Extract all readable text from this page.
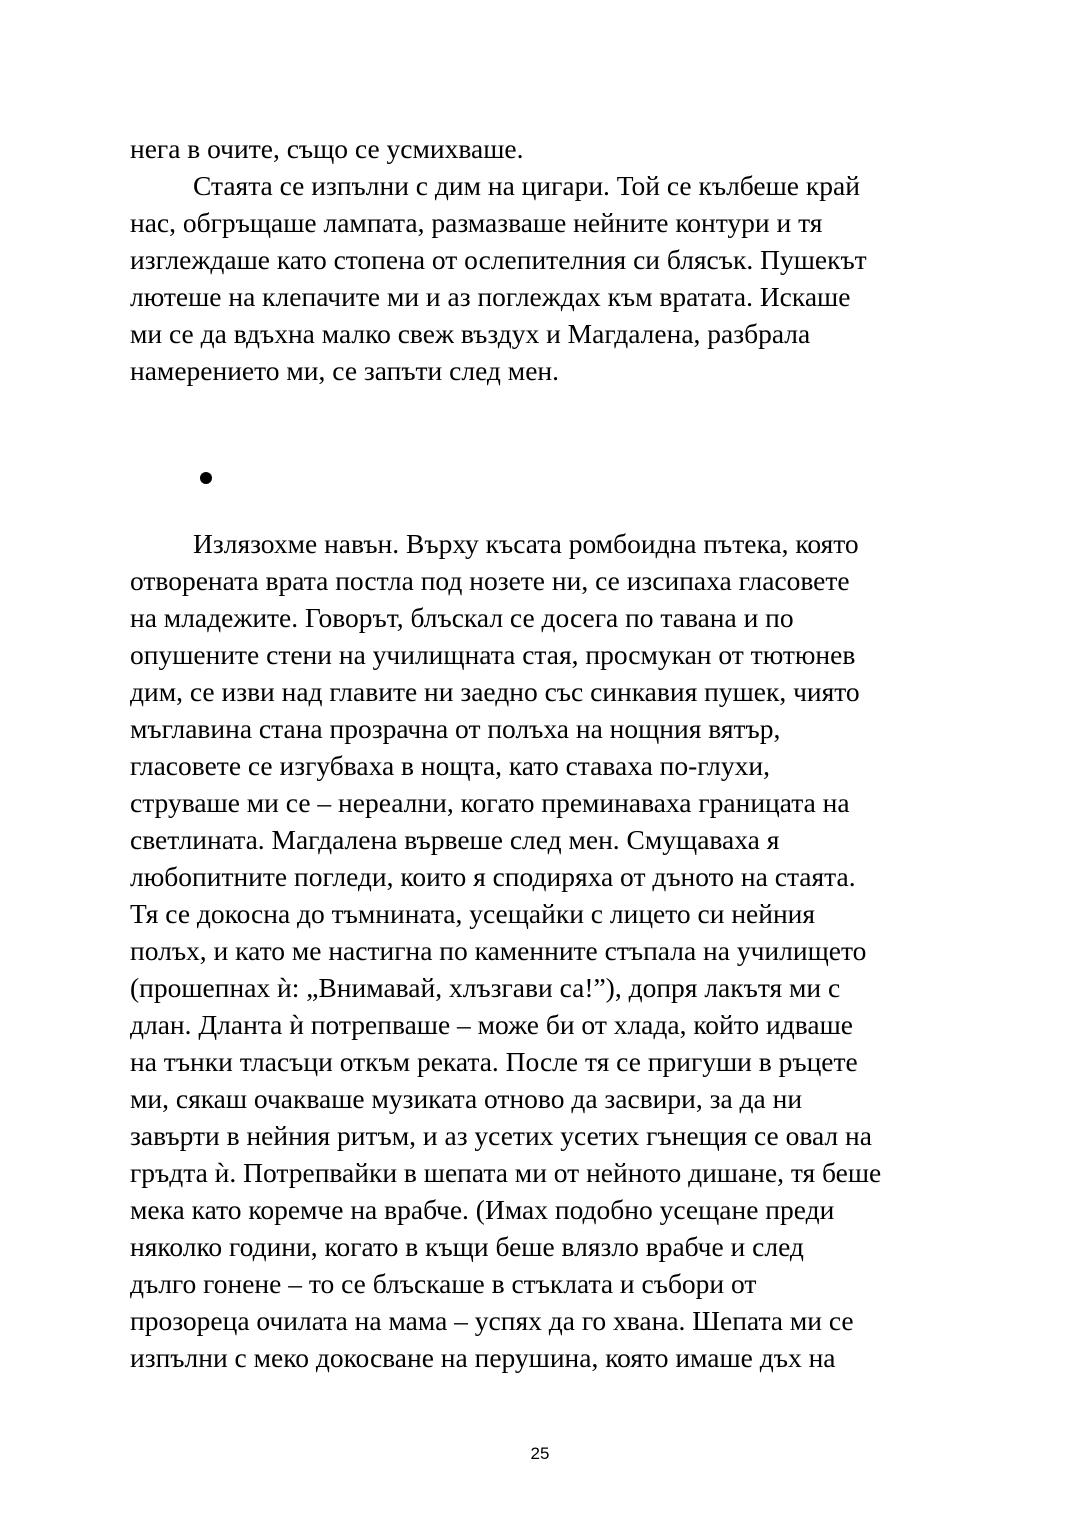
нега в очите, също се усмихваше.
Стаята се изпълни с дим на цигари. Той се кълбеше край
нас, обгръщаше лампата, размазваше нейните контури и тя
изглеждаше като стопена от ослепителния си блясък. Пушекът
лютеше на клепачите ми и аз поглеждах към вратата. Искаше
ми се да вдъхна малко свеж въздух и Магдалена, разбрала
намерението ми, се запъти след мен.
Излязохме навън. Върху късата ромбоидна пътека, която
отворената врата постла под нозете ни, се изсипаха гласовете
на младежите. Говорът, блъскал се досега по тавана и по
опушените стени на училищната стая, просмукан от тютюнев
дим, се изви над главите ни заедно със синкавия пушек, чиято
мъглавина стана прозрачна от полъха на нощния вятър,
гласовете се изгубваха в нощта, като ставаха по-глухи,
струваше ми се – нереални, когато преминаваха границата на
светлината. Магдалена вървеше след мен. Смущаваха я
любопитните погледи, които я сподиряха от дъното на стаята.
Тя се докосна до тъмнината, усещайки с лицето си нейния
полъх, и като ме настигна по каменните стъпала на училището
(прошепнах ѝ: „Внимавай, хлъзгави са!”), допря лакътя ми с
длан. Дланта ѝ потрепваше – може би от хлада, който идваше
на тънки тласъци откъм реката. После тя се пригуши в ръцете
ми, сякаш очакваше музиката отново да засвири, за да ни
завърти в нейния ритъм, и аз усетих усетих гънещия се овал на
гръдта ѝ. Потрепвайки в шепата ми от нейното дишане, тя беше
мека като коремче на врабче. (Имах подобно усещане преди
няколко години, когато в къщи беше влязло врабче и след
дълго гонене – то се блъскаше в стъклата и събори от
прозореца очилата на мама – успях да го хвана. Шепата ми се
изпълни с меко докосване на перушина, която имаше дъх на
25
